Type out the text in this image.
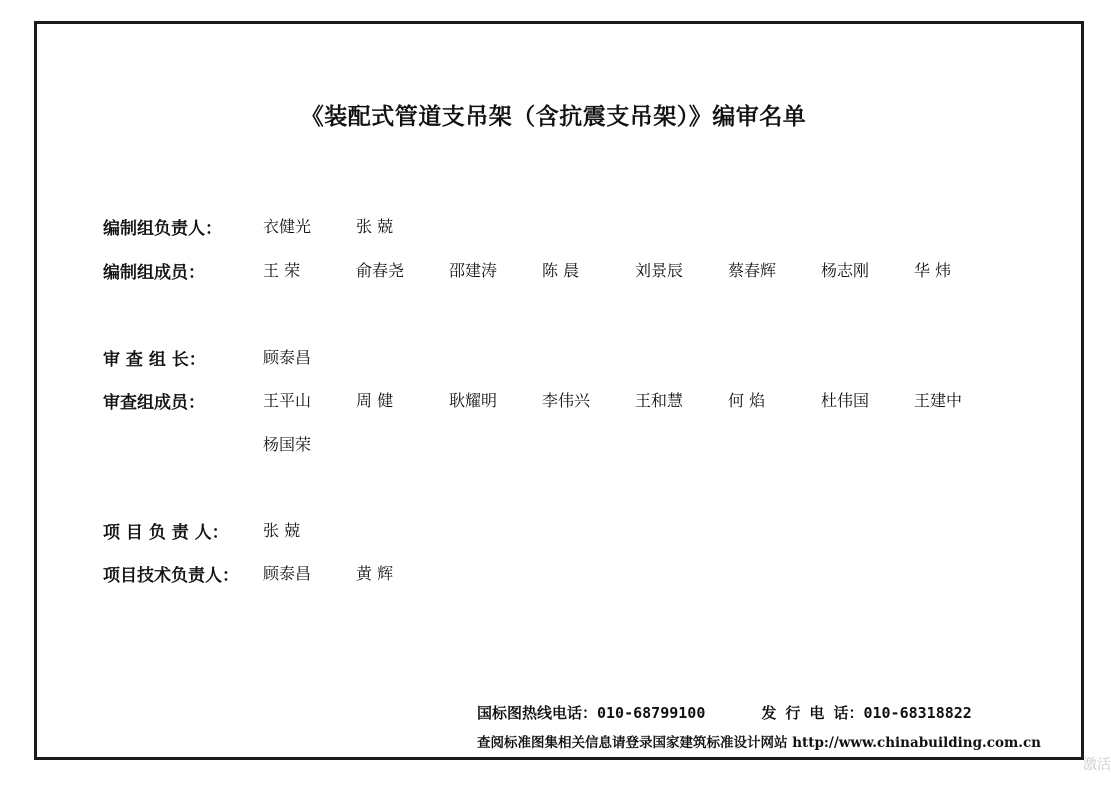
《装配式管道支吊架（含抗震支吊架）》编审名单
编制组负责人：	衣健光	张 兢
编制组成员：	王 荣	俞春尧	邵建涛	陈 晨	刘景辰	蔡春辉	杨志刚	华 炜
审 查 组 长：	顾泰昌
审查组成员：	王平山	周 健	耿耀明	李伟兴	王和慧	何 焰	杜伟国	王建中
杨国荣
项 目 负 责 人：	张 兢
项目技术负责人：	顾泰昌	黄 辉
国标图热线电话：010-68799100	发 行 电 话：010-68318822
查阅标准图集相关信息请登录国家建筑标准设计网站 http://www.chinabuilding.com.cn
激活
